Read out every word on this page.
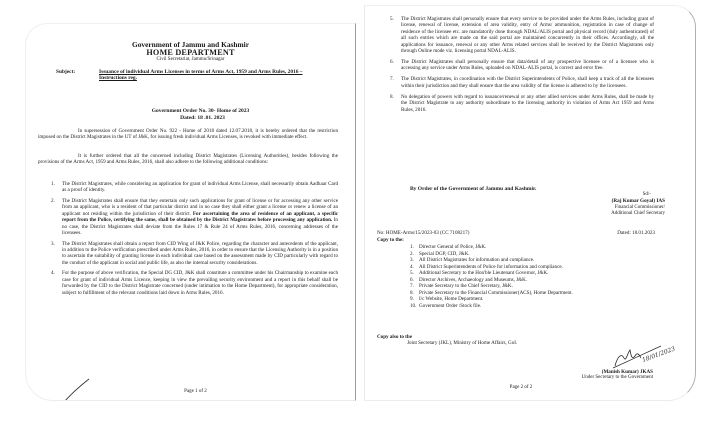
Government of Jammu and Kashmir
HOME DEPARTMENT
Civil Secretariat, Jammu/Srinagar
Subject:	Issuance of individual Arms Licenses in terms of Arms Act, 1959 and Arms Rules, 2016 – Instructions reg.
Government Order No. 30- Home of 2023
Dated: 18 .01. 2023
In supersession of Government Order No. 922 - Home of 2018 dated 12.07.2018, it is hereby ordered that the restriction imposed on the District Magistrates in the UT of J&K, for issuing fresh individual Arms Licenses, is revoked with immediate effect.
It is further ordered that all the concerned including District Magistrates (Licensing Authorities), besides following the provisions of the Arms Act, 1959 and Arms Rules, 2016, shall also adhere to the following additional conditions:
1. The District Magistrates, while considering an application for grant of individual Arms License, shall necessarily obtain Aadhaar Card as a proof of identity.
2. The District Magistrates shall ensure that they entertain only such applications for grant of license or for accessing any other service from an applicant, who is a resident of that particular district and in no case they shall either grant a license or renew a license of an applicant not residing within the jurisdiction of their district. For ascertaining the area of residence of an applicant, a specific report from the Police, certifying the same, shall be obtained by the District Magistrates before processing any application. In no case, the District Magistrates shall deviate from the Rules 17 & Rule 24 of Arms Rules, 2016, concerning addresses of the licensees.
3. The District Magistrates shall obtain a report from CID Wing of J&K Police, regarding the character and antecedents of the applicant, in addition to the Police verification prescribed under Arms Rules, 2016, in order to ensure that the Licensing Authority is in a position to ascertain the suitability of granting license in each individual case based on the assessment made by CID particularly with regard to the conduct of the applicant in social and public life, as also the internal security considerations.
4. For the purpose of above verification, the Special DG CID, J&K shall constitute a committee under his Chairmanship to examine each case for grant of individual Arms Licence, keeping in view the prevailing security environment and a report in this behalf shall be forwarded by the CID to the District Magistrate concerned (under intimation to the Home Department), for appropriate consideration, subject to fulfillment of the relevant conditions laid down in Arms Rules, 2016.
Page 1 of 2
5. The District Magistrates shall personally ensure that every service to be provided under the Arms Rules, including grant of license, renewal of license, extension of area validity, entry of Arms/ ammunition, registration in case of change of residence of the licensee etc. are mandatorily done through NDAL/ALIS portal and physical record (duly authenticated) of all such entries which are made on the said portal are maintained concurrently in their offices. Accordingly, all the applications for issuance, renewal or any other Arms related services shall be received by the District Magistrates only through Online mode viz. licensing portal NDAL-ALIS.
6. The District Magistrates shall personally ensure that data/detail of any prospective licensee or of a licensee who is accessing any service under Arms Rules, uploaded on NDAL-ALIS portal, is correct and error free.
7. The District Magistrates, in coordination with the District Superintendents of Police, shall keep a track of all the licensees within their jurisdiction and they shall ensure that the area validity of the license is adhered to by the licensees.
8. No delegation of powers with regard to issuance/renewal or any other allied services under Arms Rules, shall be made by the District Magistrate to any authority subordinate to the licensing authority in violation of Arms Act 1959 and Arms Rules, 2016.
By Order of the Government of Jammu and Kashmir.
Sd/-
(Raj Kumar Goyal) IAS
Financial Commissioner/
Additional Chief Secretary
No: HOME-Arms/15/2023-03 (CC 7108217)	Dated: 18.01.2023
Copy to the:
1. Director General of Police, J&K.
2. Special DGP, CID, J&K.
3. All District Magistrates for information and compliance.
4. All District Superintendents of Police for information and compliance.
5. Additional Secretary to the Hon'ble Lieutenant Governor, J&K.
6. Director Archives, Archaeology and Museums, J&K.
7. Private Secretary to the Chief Secretary, J&K.
8. Private Secretary to the Financial Commissioner(ACS), Home Department.
9. I/c Website, Home Department.
10. Government Order /Stock file.
Copy also to the
Joint Secretary (JKL), Ministry of Home Affairs, GoI.
18/01/2023
(Manish Kumar) JKAS
Under Secretary to the Government
Page 2 of 2
